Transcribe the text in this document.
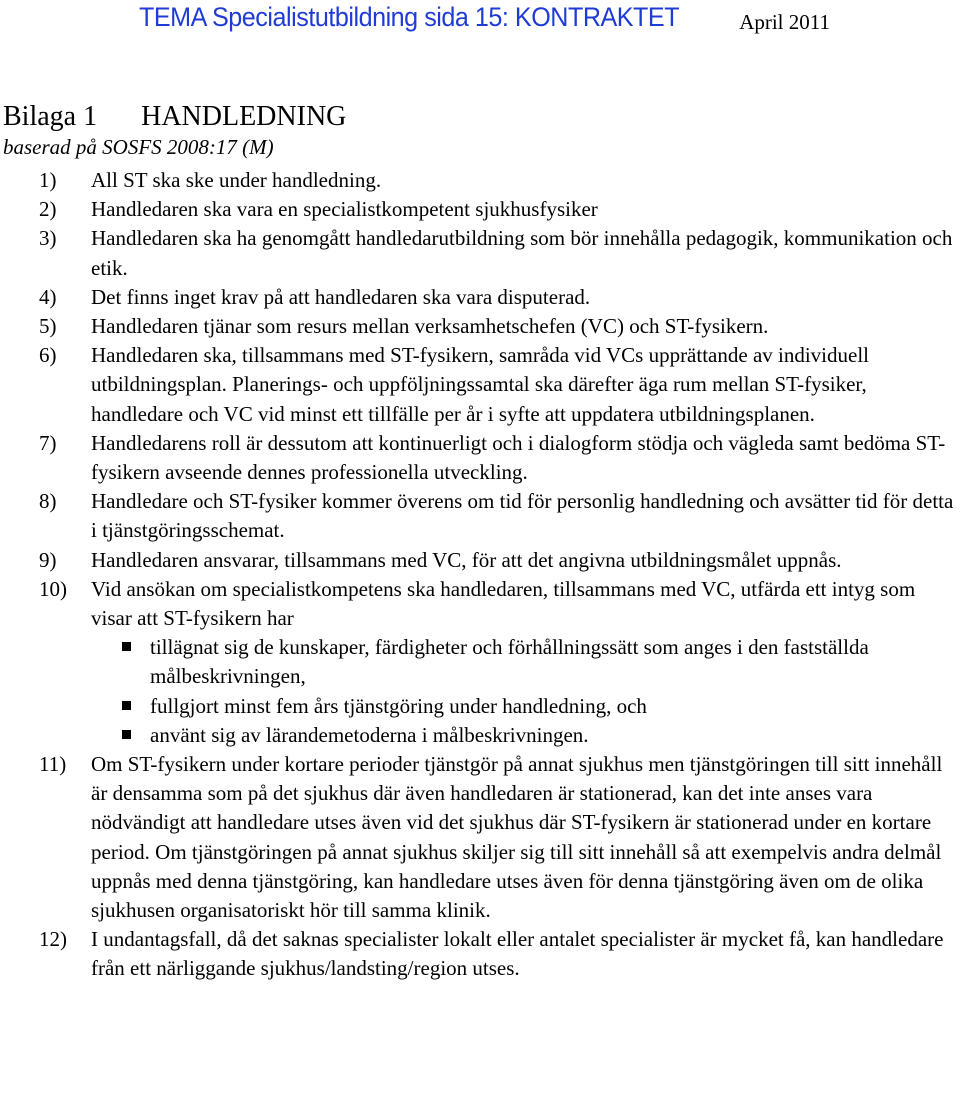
TEMA Specialistutbildning sida 15: KONTRAKTET	April 2011
Bilaga 1 HANDLEDNING
baserad på SOSFS 2008:17 (M)
1) All ST ska ske under handledning.
2) Handledaren ska vara en specialistkompetent sjukhusfysiker
3) Handledaren ska ha genomgått handledarutbildning som bör innehålla pedagogik, kommunikation och etik.
4) Det finns inget krav på att handledaren ska vara disputerad.
5) Handledaren tjänar som resurs mellan verksamhetschefen (VC) och ST-fysikern.
6) Handledaren ska, tillsammans med ST-fysikern, samråda vid VCs upprättande av individuell utbildningsplan. Planerings- och uppföljningssamtal ska därefter äga rum mellan ST-fysiker, handledare och VC vid minst ett tillfälle per år i syfte att uppdatera utbildningsplanen.
7) Handledarens roll är dessutom att kontinuerligt och i dialogform stödja och vägleda samt bedöma ST-fysikern avseende dennes professionella utveckling.
8) Handledare och ST-fysiker kommer överens om tid för personlig handledning och avsätter tid för detta i tjänstgöringsschemat.
9) Handledaren ansvarar, tillsammans med VC, för att det angivna utbildningsmålet uppnås.
10) Vid ansökan om specialistkompetens ska handledaren, tillsammans med VC, utfärda ett intyg som visar att ST-fysikern har
tillägnat sig de kunskaper, färdigheter och förhållningssätt som anges i den fastställda målbeskrivningen,
fullgjort minst fem års tjänstgöring under handledning, och
använt sig av lärandemetoderna i målbeskrivningen.
11) Om ST-fysikern under kortare perioder tjänstgör på annat sjukhus men tjänstgöringen till sitt innehåll är densamma som på det sjukhus där även handledaren är stationerad, kan det inte anses vara nödvändigt att handledare utses även vid det sjukhus där ST-fysikern är stationerad under en kortare period. Om tjänstgöringen på annat sjukhus skiljer sig till sitt innehåll så att exempelvis andra delmål uppnås med denna tjänstgöring, kan handledare utses även för denna tjänstgöring även om de olika sjukhusen organisatoriskt hör till samma klinik.
12) I undantagsfall, då det saknas specialister lokalt eller antalet specialister är mycket få, kan handledare från ett närliggande sjukhus/landsting/region utses.
